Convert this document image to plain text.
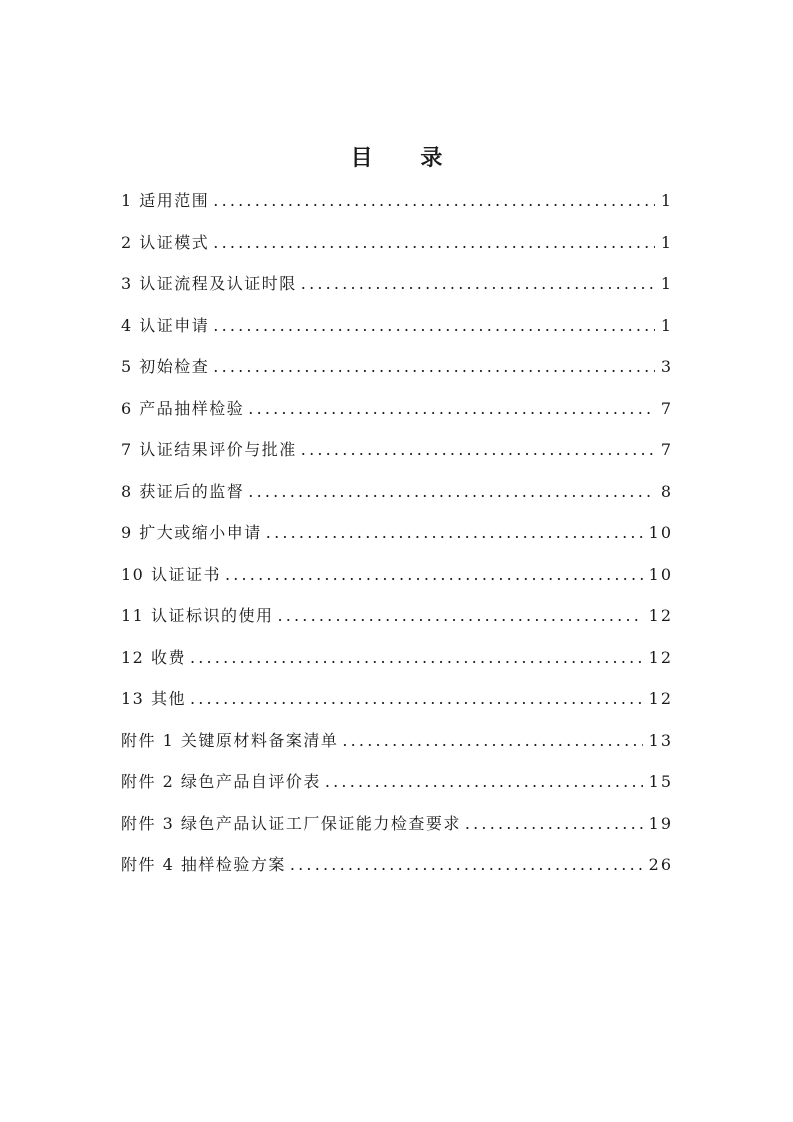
目 录
1 适用范围 .....	1
2 认证模式 .....	1
3 认证流程及认证时限 .....	1
4 认证申请 .....	1
5 初始检查 .....	3
6 产品抽样检验 .....	7
7 认证结果评价与批准 .....	7
8 获证后的监督 .....	8
9 扩大或缩小申请 .....	10
10 认证证书 .....	10
11 认证标识的使用 .....	12
12 收费 .....	12
13 其他 .....	12
附件 1 关键原材料备案清单 .....	13
附件 2 绿色产品自评价表 .....	15
附件 3 绿色产品认证工厂保证能力检查要求 .....	19
附件 4 抽样检验方案 .....	26
